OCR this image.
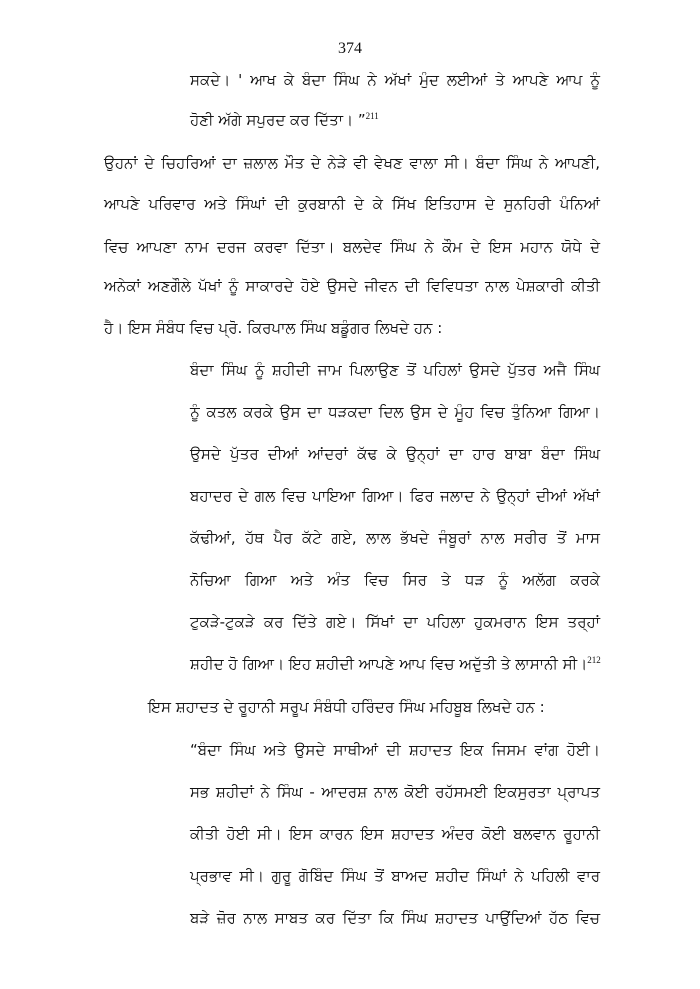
374
ਸਕਦੇ। ' ਆਖ ਕੇ ਬੰਦਾ ਸਿੰਘ ਨੇ ਅੱਖਾਂ ਮੁੰਦ ਲਈਆਂ ਤੇ ਆਪਣੇ ਆਪ ਨੂੰ
ਹੋਣੀ ਅੱਗੇ ਸਪੁਰਦ ਕਰ ਦਿੱਤਾ। ”$^{211}$
ਉਹਨਾਂ ਦੇ ਚਿਹਰਿਆਂ ਦਾ ਜ਼ਲਾਲ ਮੌਤ ਦੇ ਨੇੜੇ ਵੀ ਵੇਖਣ ਵਾਲਾ ਸੀ। ਬੰਦਾ ਸਿੰਘ ਨੇ ਆਪਣੀ,
ਆਪਣੇ ਪਰਿਵਾਰ ਅਤੇ ਸਿੰਘਾਂ ਦੀ ਕੁਰਬਾਨੀ ਦੇ ਕੇ ਸਿੱਖ ਇਤਿਹਾਸ ਦੇ ਸੁਨਹਿਰੀ ਪੰਨਿਆਂ
ਵਿਚ ਆਪਣਾ ਨਾਮ ਦਰਜ ਕਰਵਾ ਦਿੱਤਾ। ਬਲਦੇਵ ਸਿੰਘ ਨੇ ਕੌਮ ਦੇ ਇਸ ਮਹਾਨ ਯੋਧੇ ਦੇ
ਅਨੇਕਾਂ ਅਣਗੌਲੇ ਪੱਖਾਂ ਨੂੰ ਸਾਕਾਰਦੇ ਹੋਏ ਉਸਦੇ ਜੀਵਨ ਦੀ ਵਿਵਿਧਤਾ ਨਾਲ ਪੇਸ਼ਕਾਰੀ ਕੀਤੀ
ਹੈ। ਇਸ ਸੰਬੰਧ ਵਿਚ ਪ੍ਰੋ. ਕਿਰਪਾਲ ਸਿੰਘ ਬਡੂੰਗਰ ਲਿਖਦੇ ਹਨ :
ਬੰਦਾ ਸਿੰਘ ਨੂੰ ਸ਼ਹੀਦੀ ਜਾਮ ਪਿਲਾਉਣ ਤੋਂ ਪਹਿਲਾਂ ਉਸਦੇ ਪੁੱਤਰ ਅਜੈ ਸਿੰਘ
ਨੂੰ ਕਤਲ ਕਰਕੇ ਉਸ ਦਾ ਧੜਕਦਾ ਦਿਲ ਉਸ ਦੇ ਮੂੰਹ ਵਿਚ ਤੁੰਨਿਆ ਗਿਆ।
ਉਸਦੇ ਪੁੱਤਰ ਦੀਆਂ ਆਂਦਰਾਂ ਕੱਢ ਕੇ ਉਨ੍ਹਾਂ ਦਾ ਹਾਰ ਬਾਬਾ ਬੰਦਾ ਸਿੰਘ
ਬਹਾਦਰ ਦੇ ਗਲ ਵਿਚ ਪਾਇਆ ਗਿਆ। ਫਿਰ ਜਲਾਦ ਨੇ ਉਨ੍ਹਾਂ ਦੀਆਂ ਅੱਖਾਂ
ਕੱਢੀਆਂ, ਹੱਥ ਪੈਰ ਕੱਟੇ ਗਏ, ਲਾਲ ਭੱਖਦੇ ਜੰਬੂਰਾਂ ਨਾਲ ਸਰੀਰ ਤੋਂ ਮਾਸ
ਨੋਚਿਆ ਗਿਆ ਅਤੇ ਅੰਤ ਵਿਚ ਸਿਰ ਤੇ ਧੜ ਨੂੰ ਅਲੱਗ ਕਰਕੇ
ਟੁਕੜੇ-ਟੁਕੜੇ ਕਰ ਦਿੱਤੇ ਗਏ। ਸਿੱਖਾਂ ਦਾ ਪਹਿਲਾ ਹੁਕਮਰਾਨ ਇਸ ਤਰ੍ਹਾਂ
ਸ਼ਹੀਦ ਹੋ ਗਿਆ। ਇਹ ਸ਼ਹੀਦੀ ਆਪਣੇ ਆਪ ਵਿਚ ਅਦੁੱਤੀ ਤੇ ਲਾਸਾਨੀ ਸੀ।$^{212}$
ਇਸ ਸ਼ਹਾਦਤ ਦੇ ਰੂਹਾਨੀ ਸਰੂਪ ਸੰਬੰਧੀ ਹਰਿੰਦਰ ਸਿੰਘ ਮਹਿਬੂਬ ਲਿਖਦੇ ਹਨ :
“ਬੰਦਾ ਸਿੰਘ ਅਤੇ ਉਸਦੇ ਸਾਥੀਆਂ ਦੀ ਸ਼ਹਾਦਤ ਇਕ ਜਿਸਮ ਵਾਂਗ ਹੋਈ।
ਸਭ ਸ਼ਹੀਦਾਂ ਨੇ ਸਿੰਘ - ਆਦਰਸ਼ ਨਾਲ ਕੋਈ ਰਹੱਸਮਈ ਇਕਸੁਰਤਾ ਪ੍ਰਾਪਤ
ਕੀਤੀ ਹੋਈ ਸੀ। ਇਸ ਕਾਰਨ ਇਸ ਸ਼ਹਾਦਤ ਅੰਦਰ ਕੋਈ ਬਲਵਾਨ ਰੂਹਾਨੀ
ਪ੍ਰਭਾਵ ਸੀ। ਗੁਰੂ ਗੋਬਿੰਦ ਸਿੰਘ ਤੋਂ ਬਾਅਦ ਸ਼ਹੀਦ ਸਿੰਘਾਂ ਨੇ ਪਹਿਲੀ ਵਾਰ
ਬੜੇ ਜ਼ੋਰ ਨਾਲ ਸਾਬਤ ਕਰ ਦਿੱਤਾ ਕਿ ਸਿੰਘ ਸ਼ਹਾਦਤ ਪਾਉਂਦਿਆਂ ਹੱਠ ਵਿਚ
